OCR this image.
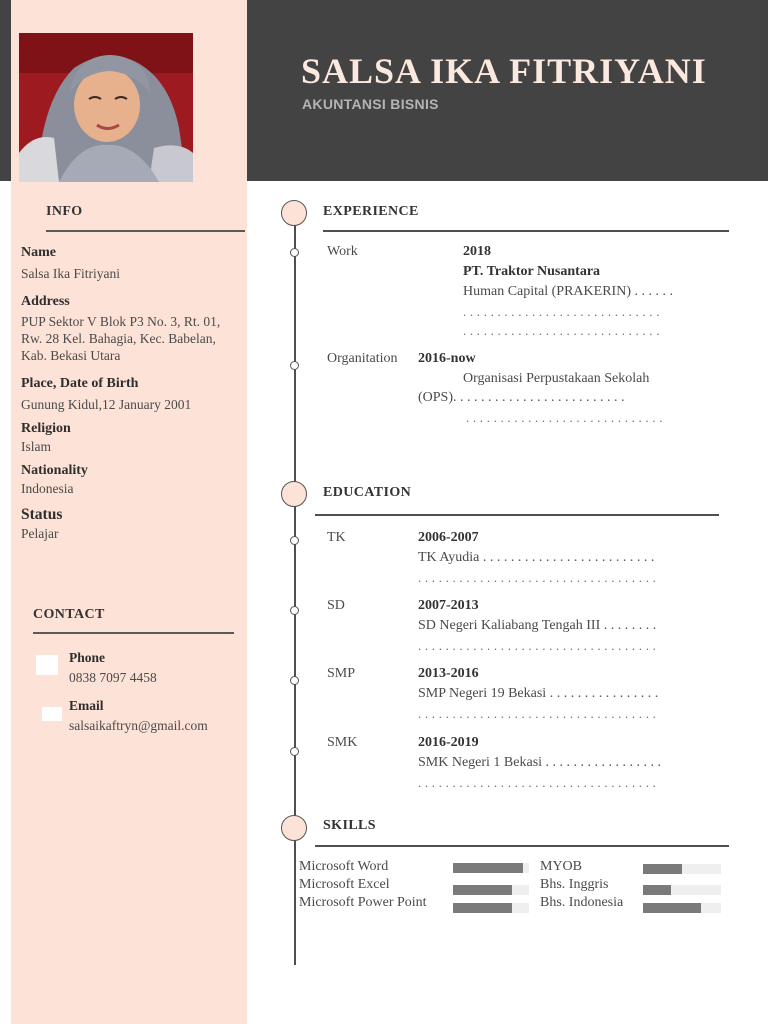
SALSA IKA FITRIYANI
AKUNTANSI BISNIS
INFO
Name
Salsa Ika Fitriyani
Address
PUP Sektor V Blok P3 No. 3, Rt. 01,
Rw. 28 Kel. Bahagia, Kec. Babelan,
Kab. Bekasi Utara
Place, Date of Birth
Gunung Kidul,12 January 2001
Religion
Islam
Nationality
Indonesia
Status
Pelajar
CONTACT
Phone
0838 7097 4458
Email
salsaikaftryn@gmail.com
EXPERIENCE
Work	2018
PT. Traktor Nusantara
Human Capital (PRAKERIN) . . . . . .
. . . . . . . . . . . . . . . . . . . . . . . . . . . . .
. . . . . . . . . . . . . . . . . . . . . . . . . . . . .
Organitation 2016-now
Organisasi Perpustakaan Sekolah
(OPS). . . . . . . . . . . . . . . . . . . . . . . . .
. . . . . . . . . . . . . . . . . . . . . . . . . . . . .
EDUCATION
TK	2006-2007
TK Ayudia . . . . . . . . . . . . . . . . . . . . . . . . .
. . . . . . . . . . . . . . . . . . . . . . . . . . . . . . . . . . .
SD	2007-2013
SD Negeri Kaliabang Tengah III . . . . . . . .
. . . . . . . . . . . . . . . . . . . . . . . . . . . . . . . . . . .
SMP	2013-2016
SMP Negeri 19 Bekasi . . . . . . . . . . . . . . . .
. . . . . . . . . . . . . . . . . . . . . . . . . . . . . . . . . . .
SMK	2016-2019
SMK Negeri 1 Bekasi . . . . . . . . . . . . . . . . .
. . . . . . . . . . . . . . . . . . . . . . . . . . . . . . . . . . .
SKILLS
Microsoft Word
Microsoft Excel
Microsoft Power Point
MYOB
Bhs. Inggris
Bhs. Indonesia
